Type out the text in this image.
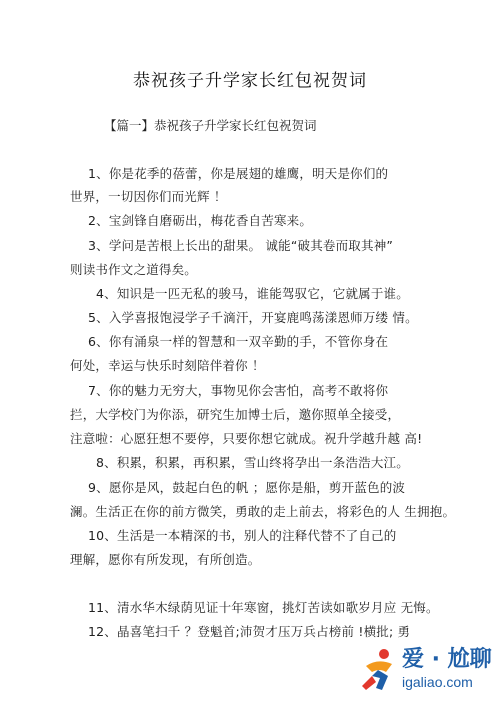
恭祝孩子升学家长红包祝贺词
【篇一】恭祝孩子升学家长红包祝贺词
1、你是花季的蓓蕾，你是展翅的雄鹰，明天是你们的
世界，一切因你们而光辉 ！
2、宝剑锋自磨砺出，梅花香自苦寒来。
3、学问是苦根上长出的甜果。 诚能“破其卷而取其神”
则读书作文之道得矣。
4、知识是一匹无私的骏马，谁能驾驭它，它就属于谁。
5、入学喜报饱浸学子千滴汗，开宴鹿鸣荡漾恩师万缕 情。
6、你有涌泉一样的智慧和一双辛勤的手，不管你身在
何处，幸运与快乐时刻陪伴着你 ！
7、你的魅力无穷大，事物见你会害怕，高考不敢将你
拦，大学校门为你添，研究生加博士后，邀你照单全接受，
注意啦：心愿狂想不要停，只要你想它就成。祝升学越升越 高!
8、积累，积累，再积累，雪山终将孕出一条浩浩大江。
9、愿你是风，鼓起白色的帆 ；愿你是船，剪开蓝色的波
澜。生活正在你的前方微笑，勇敢的走上前去，将彩色的人 生拥抱。
10、生活是一本精深的书，别人的注释代替不了自己的
理解，愿你有所发现，有所创造。
11、清水华木绿荫见证十年寒窗，挑灯苦读如歌岁月应 无悔。
12、晶喜笔扫千 ？登魁首;沛贺才压万兵占榜前 !横批; 勇
爱 · 尬聊
igaliao.com
